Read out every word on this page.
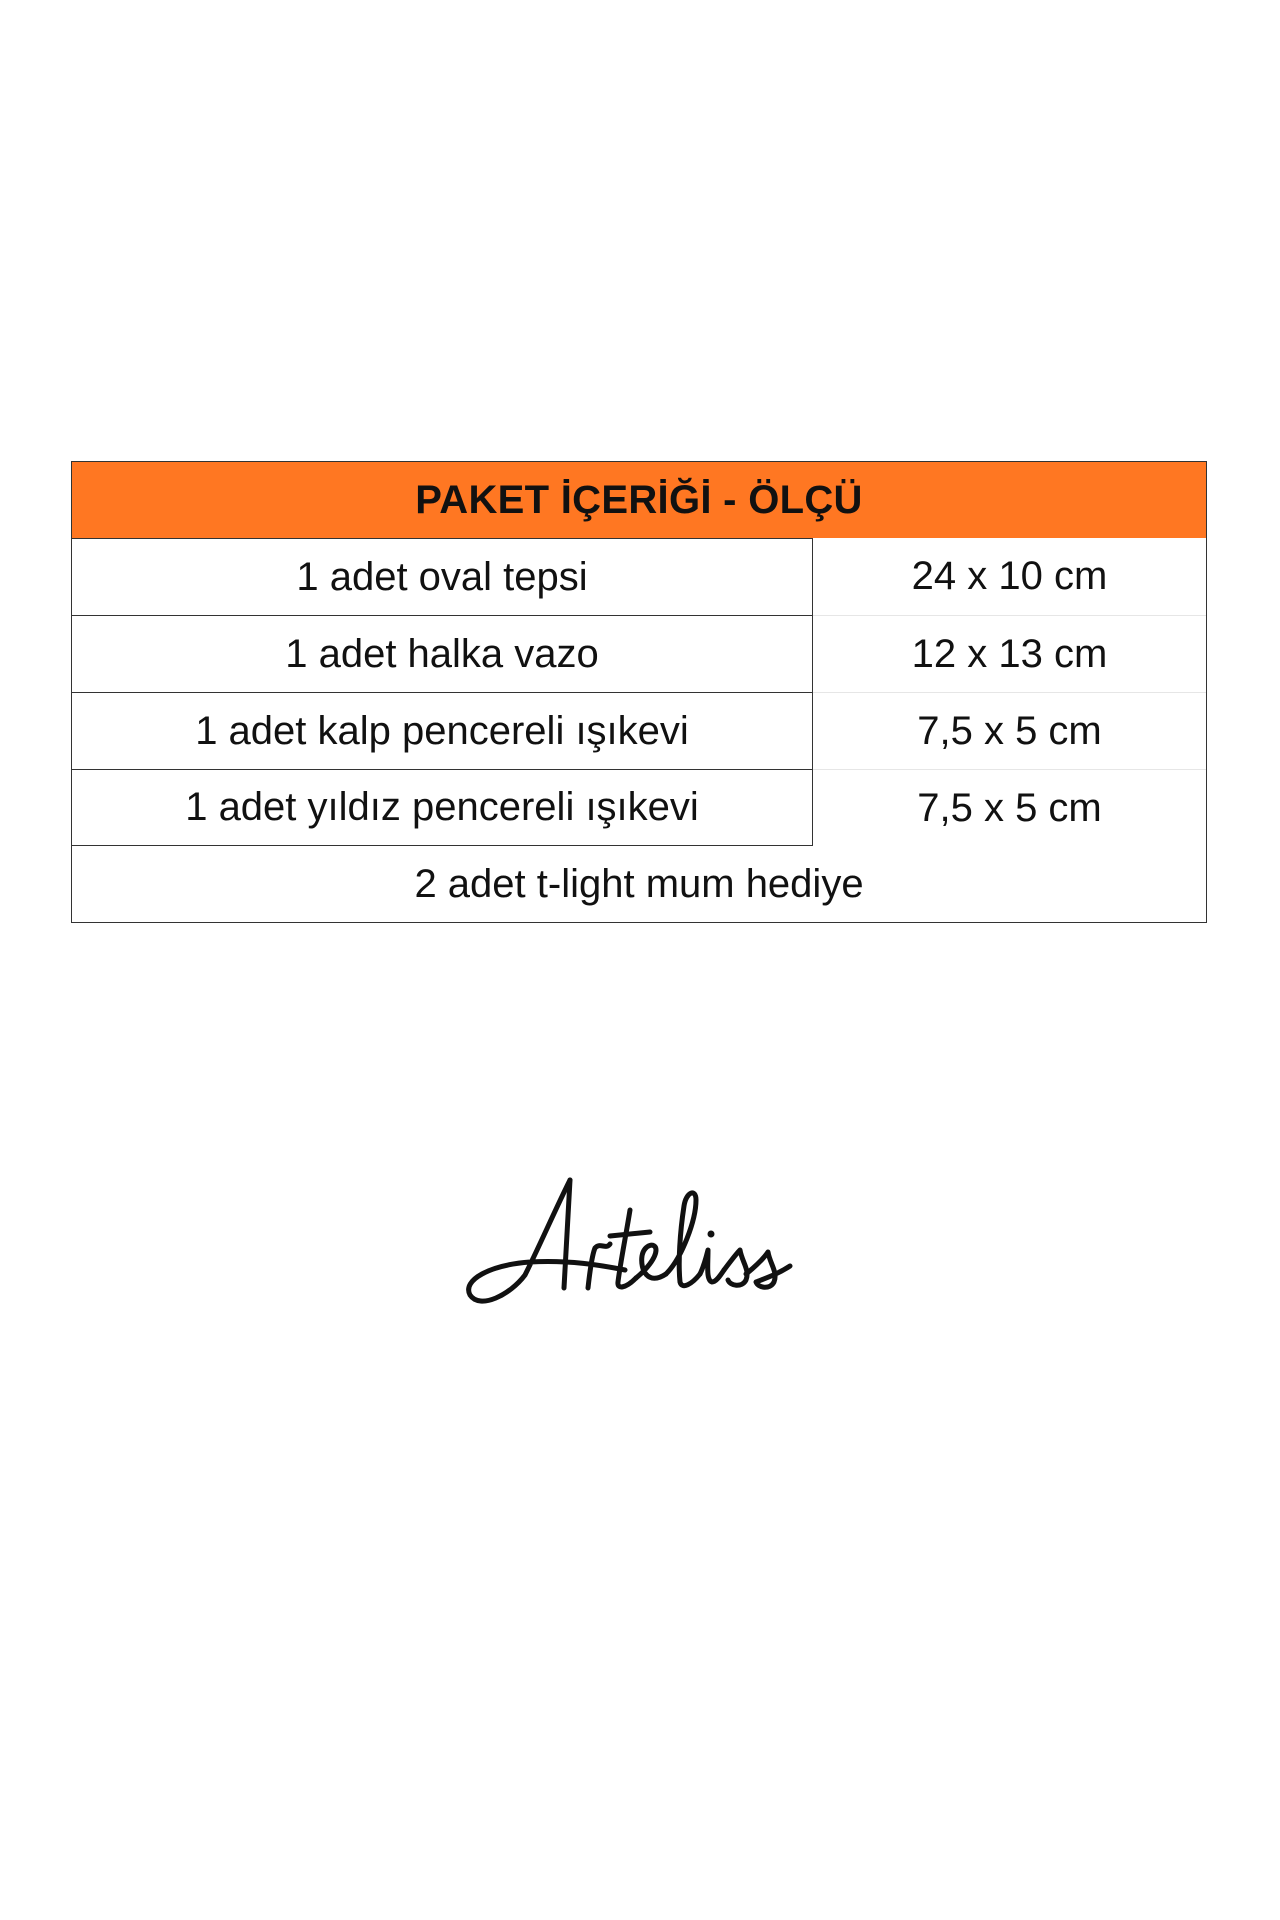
PAKET İÇERİĞİ - ÖLÇÜ
1 adet oval tepsi	24 x 10 cm
1 adet halka vazo	12 x 13 cm
1 adet kalp pencereli ışıkevi	7,5 x 5 cm
1 adet yıldız pencereli ışıkevi	7,5 x 5 cm
2 adet t-light mum hediye
